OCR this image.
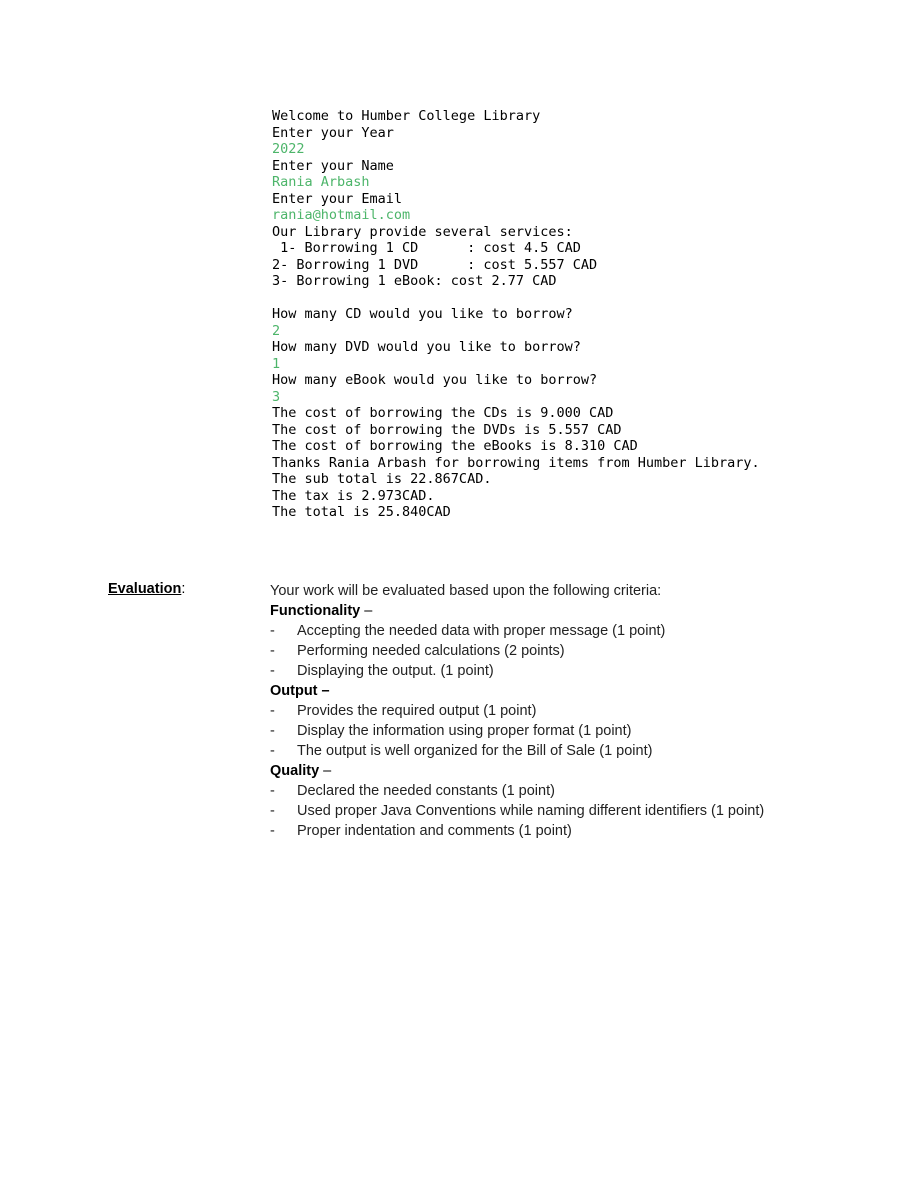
Welcome to Humber College Library
Enter your Year
2022
Enter your Name
Rania Arbash
Enter your Email
rania@hotmail.com
Our Library provide several services:
1- Borrowing 1 CD      : cost 4.5 CAD
2- Borrowing 1 DVD      : cost 5.557 CAD
3- Borrowing 1 eBook: cost 2.77 CAD
How many CD would you like to borrow?
2
How many DVD would you like to borrow?
1
How many eBook would you like to borrow?
3
The cost of borrowing the CDs is 9.000 CAD
The cost of borrowing the DVDs is 5.557 CAD
The cost of borrowing the eBooks is 8.310 CAD
Thanks Rania Arbash for borrowing items from Humber Library.
The sub total is 22.867CAD.
The tax is 2.973CAD.
The total is 25.840CAD
Evaluation:	Your work will be evaluated based upon the following criteria:
Functionality –
- Accepting the needed data with proper message (1 point)
- Performing needed calculations (2 points)
- Displaying the output. (1 point)
Output –
- Provides the required output (1 point)
- Display the information using proper format (1 point)
- The output is well organized for the Bill of Sale (1 point)
Quality –
- Declared the needed constants (1 point)
- Used proper Java Conventions while naming different identifiers (1 point)
- Proper indentation and comments (1 point)
